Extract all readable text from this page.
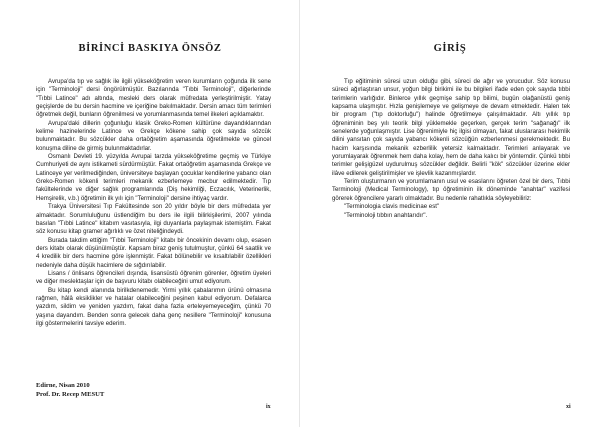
BİRİNCİ BASKIYA ÖNSÖZ

Avrupa'da tıp ve sağlık ile ilgili yükseköğretim veren kurumların çoğunda ilk sene için "Terminoloji" dersi öngörülmüştür. Bazılarında "Tıbbi Terminoloji", diğerlerinde "Tıbbi Latince" adı altında, mesleki ders olarak müfredata yerleştirilmiştir. Yatay geçişlerde de bu dersin hacmine ve içeriğine bakılmaktadır. Dersin amacı tüm terimleri öğretmek değil, bunların öğrenilmesi ve yorumlanmasında temel ilkeleri açıklamaktır.

Avrupa'daki dillerin çoğunluğu klasik Greko-Romen kültürüne dayandıklarından kelime hazinelerinde Latince ve Grekçe kökene sahip çok sayıda sözcük bulunmaktadır. Bu sözcükler daha ortaöğretim aşamasında öğretilmekte ve güncel konuşma diline de girmiş bulunmaktadırlar.

Osmanlı Devleti 19. yüzyılda Avrupai tarzda yükseköğretime geçmiş ve Türkiye Cumhuriyeti de aynı istikameti sürdürmüştür. Fakat ortaöğretim aşamasında Grekçe ve Latinceye yer verilmediğinden, üniversiteye başlayan çocuklar kendilerine yabancı olan Greko-Romen kökenli terimleri mekanik ezberlemeye mecbur edilmektedir. Tıp fakültelerinde ve diğer sağlık programlarında (Diş hekimliği, Eczacılık, Veterinerlik, Hemşirelik, v.b.) öğretimin ilk yılı için "Terminoloji" dersine ihtiyaç vardır.

Trakya Üniversitesi Tıp Fakültesinde son 20 yıldır böyle bir ders müfredata yer almaktadır. Sorumluluğunu üstlendiğim bu ders ile ilgili bilirkişilerimi, 2007 yılında basılan "Tıbbi Latince" kitabım vasıtasıyla, ilgi duyanlarla paylaşmak istemiştim. Fakat söz konusu kitap gramer ağırlıklı ve özet niteliğindeydi.

Burada takdim ettiğim "Tıbbi Terminoloji" kitabı bir öncekinin devamı olup, esasen ders kitabı olarak düşünülmüştür. Kapsam biraz geniş tutulmuştur, çünkü 64 saatlik ve 4 kredilik bir ders hacmine göre işlenmiştir. Fakat bölünebilir ve kısaltılabilir özellikleri nedeniyle daha düşük hacimlere de sığdırılabilir.

Lisans / önlisans öğrencileri dışında, lisansüstü öğrenim görenler, öğretim üyeleri ve diğer meslektaşlar için de başvuru kitabı olabileceğini umut ediyorum.

Bu kitap kendi alanında birilkdenemedir. Yirmi yıllık çabalarımın ürünü olmasına rağmen, hâlâ eksiklikler ve hatalar olabileceğini peşinen kabul ediyorum. Defalarca yazdım, sildim ve yeniden yazdım, fakat daha fazla erteleyemeyeceğim, çünkü 70 yaşına dayandım. Benden sonra gelecek daha genç nesillere "Terminoloji" konusuna ilgi göstermelerini tavsiye ederim.

Edirne, Nisan 2010
Prof. Dr. Recep MESUT
ix
GİRİŞ

Tıp eğitiminin süresi uzun olduğu gibi, süreci de ağır ve yorucudur. Söz konusu süreci ağırlaştıran unsur, yoğun bilgi birikimi ile bu bilgileri ifade eden çok sayıda tıbbi terimlerin varlığıdır. Binlerce yıllık geçmişe sahip tıp bilimi, bugün olağanüstü geniş kapsama ulaşmıştır. Hızla genişlemeye ve gelişmeye de devam etmektedir. Halen tek bir program ("tıp doktorluğu") halinde öğretilmeye çalışılmaktadır. Altı yıllık tıp öğreniminin beş yılı teorik bilgi yüklemekle geçerken, gerçek terim "sağanağı" ilk senelerde yoğunlaşmıştır. Lise öğrenimiyle hiç ilgisi olmayan, fakat uluslararası hekimlik dilini yansıtan çok sayıda yabancı kökenli sözcüğün ezberlenmesi gerekmektedir. Bu hacim karşısında mekanik ezberlilik yetersiz kalmaktadır. Terimleri anlayarak ve yorumlayarak öğrenmek hem daha kolay, hem de daha kalıcı bir yöntemdir. Çünkü tıbbi terimler gelişigüzel uydurulmuş sözcükler değildir. Belirli "kök" sözcükler üzerine ekler ilâve edilerek geliştirilmişler ve işlevlik kazanmışlardır.

Terim oluşturmanın ve yorumlamanın usul ve esaslarını öğreten özel bir ders, Tıbbi Terminoloji (Medical Terminology), tıp öğretiminin ilk döneminde "anahtar" vazifesi görerek öğrencilere yararlı olmaktadır. Bu nedenle rahatlıkla söyleyebiliriz:

"Terminologia clavis medicinae est"

"Terminoloji tıbbın anahtarıdır".

xi
